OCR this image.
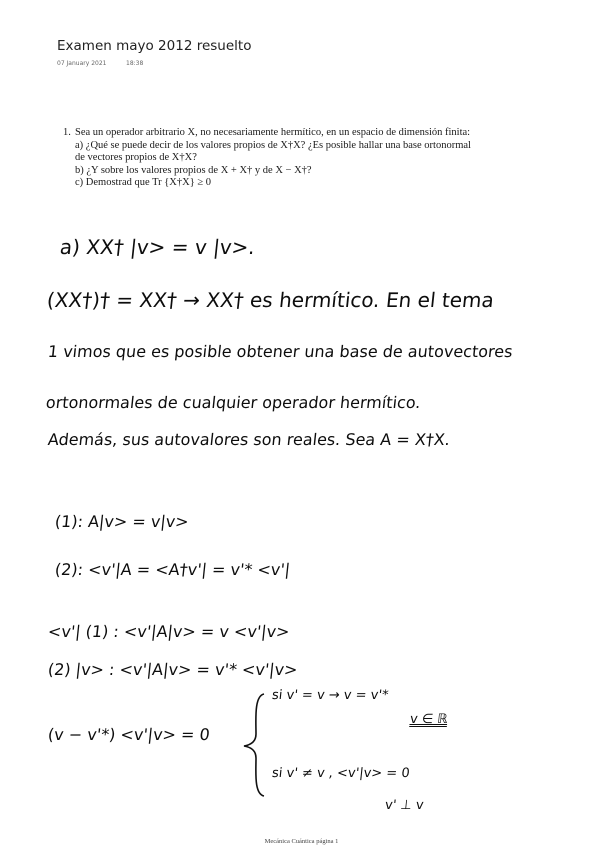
Examen mayo 2012 resuelto
07 January 2021	18:38
1. Sea un operador arbitrario X, no necesariamente hermítico, en un espacio de dimensión finita:
a) ¿Qué se puede decir de los valores propios de X†X? ¿Es posible hallar una base ortonormal
de vectores propios de X†X?
b) ¿Y sobre los valores propios de X + X† y de X − X†?
c) Demostrad que Tr {X†X} ≥ 0
a) XX† |v> = v |v>.
(XX†)† = XX† → XX† es hermítico. En el tema
1 vimos que es posible obtener una base de autovectores
ortonormales de cualquier operador hermítico.
Además, sus autovalores son reales. Sea A = X†X.
(1): A|v> = v|v>
(2): <v'|A = <A†v'| = v'* <v'|
<v'| (1) : <v'|A|v> = v <v'|v>
(2) |v> : <v'|A|v> = v'* <v'|v>
(v − v'*) <v'|v> = 0
si v' = v → v = v'*
v ∈ ℝ
si v' ≠ v , <v'|v> = 0
v' ⊥ v
Mecánica Cuántica página 1
